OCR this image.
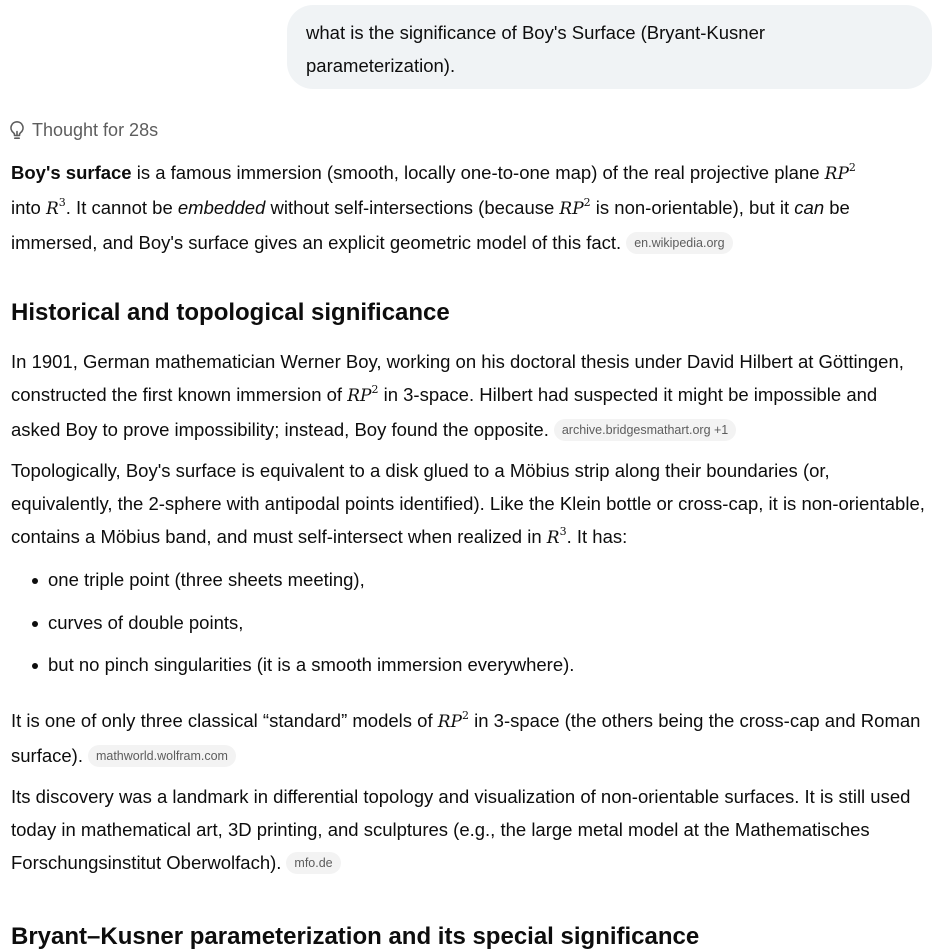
what is the significance of Boy's Surface (Bryant-Kusner parameterization).
Thought for 28s
Boy's surface is a famous immersion (smooth, locally one-to-one map) of the real projective plane $RP^2$
into $R^3$. It cannot be embedded without self-intersections (because $RP^2$ is non-orientable), but it can be immersed, and Boy's surface gives an explicit geometric model of this fact. en.wikipedia.org
Historical and topological significance
In 1901, German mathematician Werner Boy, working on his doctoral thesis under David Hilbert at Göttingen, constructed the first known immersion of $RP^2$ in 3-space. Hilbert had suspected it might be impossible and asked Boy to prove impossibility; instead, Boy found the opposite. archive.bridgesmathart.org +1
Topologically, Boy's surface is equivalent to a disk glued to a Möbius strip along their boundaries (or, equivalently, the 2-sphere with antipodal points identified). Like the Klein bottle or cross-cap, it is non-orientable, contains a Möbius band, and must self-intersect when realized in $R^3$. It has:
one triple point (three sheets meeting),
curves of double points,
but no pinch singularities (it is a smooth immersion everywhere).
It is one of only three classical “standard” models of $RP^2$ in 3-space (the others being the cross-cap and Roman surface). mathworld.wolfram.com
Its discovery was a landmark in differential topology and visualization of non-orientable surfaces. It is still used today in mathematical art, 3D printing, and sculptures (e.g., the large metal model at the Mathematisches Forschungsinstitut Oberwolfach). mfo.de
Bryant–Kusner parameterization and its special significance
